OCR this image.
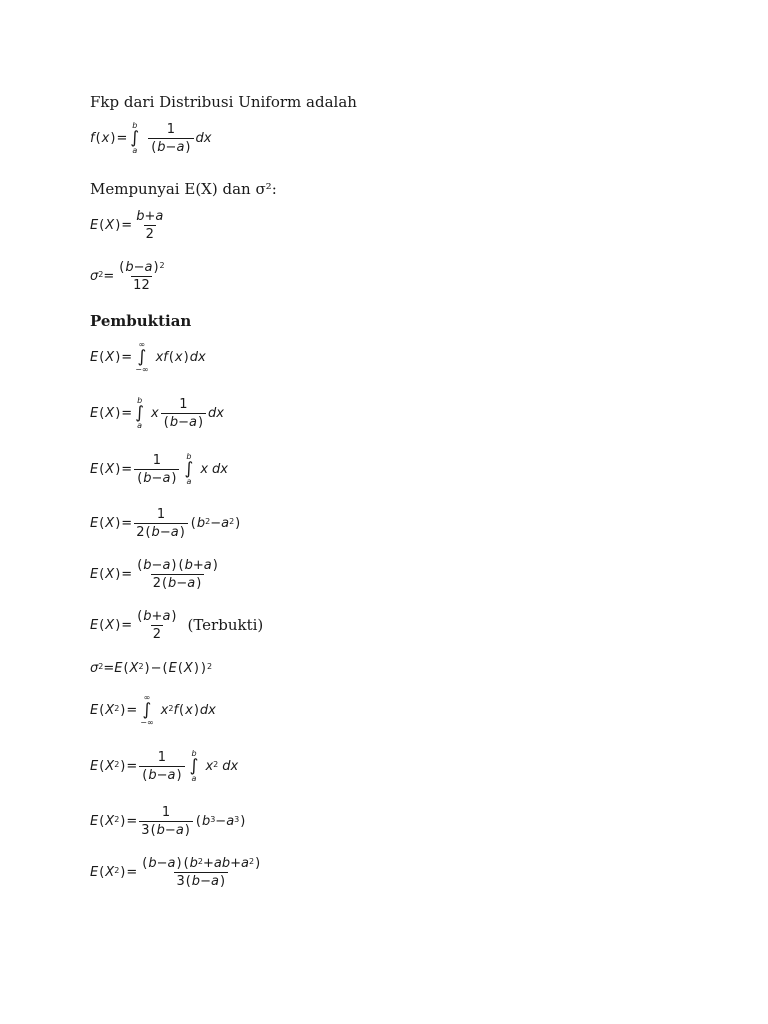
Fkp dari Distribusi Uniform adalah
f ( x ) =
b
∫
a $\frac{1}{( b - a )}$ dx
Mempunyai E(X) dan σ²:
E ( X ) = $\frac{b + a}{2}$
$\sigma^2 = \frac{( b - a )^2}{12}$
Pembuktian
E ( X ) =
∞
∫
−∞
x f ( x ) dx
E ( X ) =
b
∫
a
x $\frac{1}{( b - a )}$ dx
E ( X ) = $\frac{1}{( b - a )}$ b
∫
a
x dx
E ( X ) = $\frac{1}{2 ( b - a )}$ ( $b^2 - a^2$ )
E ( X ) = $\frac{( b - a ) ( b + a )}{2 ( b - a )}$
E ( X ) = $\frac{( b + a )}{2}$ (Terbukti)
$\sigma^2 = E$ ( $X^2$ ) − ( E ( X ) )$^2$
E ( $X^2$ ) =
∞
∫
−∞
$x^2$ f ( x ) dx
E ( $X^2$ ) = $\frac{1}{( b - a )}$ b
∫
a
$x^2$ dx
E ( $X^2$ ) = $\frac{1}{3 ( b - a )}$ ( $b^3 - a^3$ )
E ( $X^2$ ) = $\frac{( b - a ) ( b^2 + ab + a^2 )}{3 ( b - a )}$
